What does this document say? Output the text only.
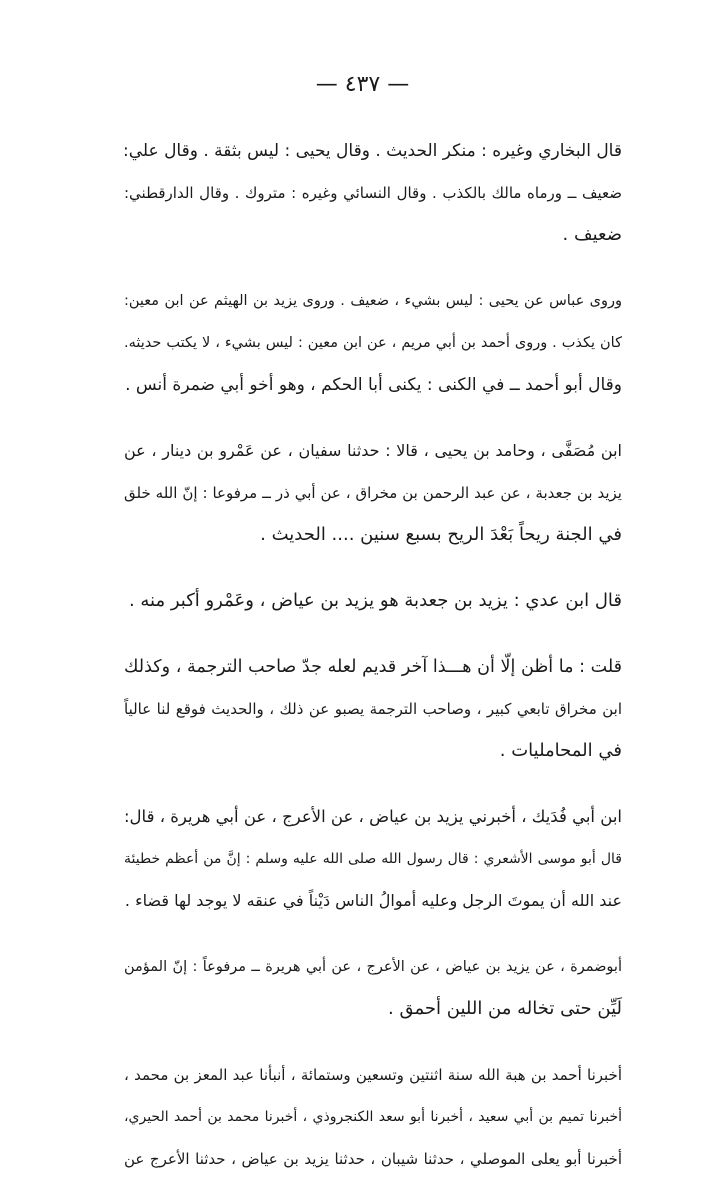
— ٤٣٧ —

قال البخاري وغيره : منكر الحديث . وقال يحيى : ليس بثقة . وقال علي:
ضعيف ــ ورماه مالك بالكذب . وقال النسائي وغيره : متروك . وقال الدارقطني:
ضعيف .

وروى عباس عن يحيى : ليس بشيء ، ضعيف . وروى يزيد بن الهيثم عن ابن معين:
كان يكذب . وروى أحمد بن أبي مريم ، عن ابن معين : ليس بشيء ، لا يكتب حديثه.
وقال أبو أحمد ــ في الكنى : يكنى أبا الحكم ، وهو أخو أبي ضمرة أنس .

ابن مُصَفَّى ، وحامد بن يحيى ، قالا : حدثنا سفيان ، عن عَمْرو بن دينار ، عن
يزيد بن جعدبة ، عن عبد الرحمن بن مخراق ، عن أبي ذر ــ مرفوعا : إنّ الله خلق
في الجنة ريحاً بَعْدَ الريح بسبع سنين .... الحديث .

قال ابن عدي : يزيد بن جعدبة هو يزيد بن عياض ، وعَمْرو أكبر منه .

قلت : ما أظن إلّا أن هـــذا آخر قديم لعله جدّ صاحب الترجمة ، وكذلك
ابن مخراق تابعي كبير ، وصاحب الترجمة يصبو عن ذلك ، والحديث فوقع لنا عالياً
في المحامليات .

ابن أبي فُدَيك ، أخبرني يزيد بن عياض ، عن الأعرج ، عن أبي هريرة ، قال:
قال أبو موسى الأشعري : قال رسول الله صلى الله عليه وسلم : إنَّ من أعظم خطيئة
عند الله أن يموتَ الرجل وعليه أموالُ الناس دَيْناً في عنقه لا يوجد لها قضاء .

أبوضمرة ، عن يزيد بن عياض ، عن الأعرج ، عن أبي هريرة ــ مرفوعاً : إنّ المؤمن
لَيِّن حتى تخاله من اللين أحمق .

أخبرنا أحمد بن هبة الله سنة اثنتين وتسعين وستمائة ، أنبأنا عبد المعز بن محمد ،
أخبرنا تميم بن أبي سعيد ، أخبرنا أبو سعد الكنجروذي ، أخبرنا محمد بن أحمد الحيري،
أخبرنا أبو يعلى الموصلي ، حدثنا شيبان ، حدثنا يزيد بن عياض ، حدثنا الأعرج عن
